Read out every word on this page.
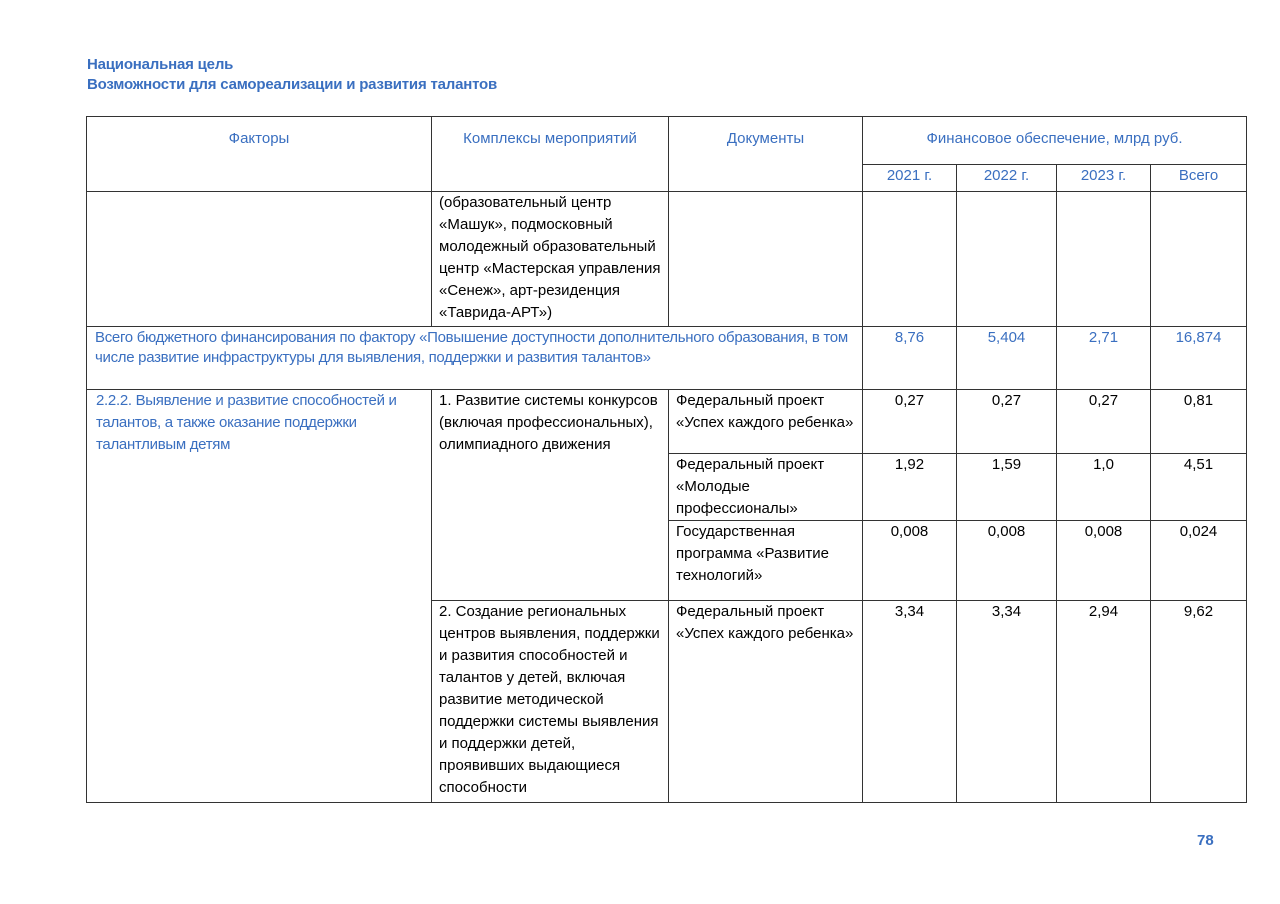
Национальная цель
Возможности для самореализации и развития талантов
Факторы	Комплексы мероприятий	Документы	Финансовое обеспечение, млрд руб.			
			2021 г.	2022 г.	2023 г.	Всего
	(образовательный центр «Машук», подмосковный молодежный образовательный центр «Мастерская управления «Сенеж», арт-резиденция «Таврида-АРТ»)					
Всего бюджетного финансирования по фактору «Повышение доступности дополнительного образования, в том числе развитие инфраструктуры для выявления, поддержки и развития талантов»			8,76	5,404	2,71	16,874
2.2.2. Выявление и развитие способностей и талантов, а также оказание поддержки талантливым детям	1. Развитие системы конкурсов (включая профессиональных), олимпиадного движения	Федеральный проект «Успех каждого ребенка»	0,27	0,27	0,27	0,81
		Федеральный проект «Молодые профессионалы»	1,92	1,59	1,0	4,51
		Государственная программа «Развитие технологий»	0,008	0,008	0,008	0,024
	2. Создание региональных центров выявления, поддержки и развития способностей и талантов у детей, включая развитие методической поддержки системы выявления и поддержки детей, проявивших выдающиеся способности	Федеральный проект «Успех каждого ребенка»	3,34	3,34	2,94	9,62
78
